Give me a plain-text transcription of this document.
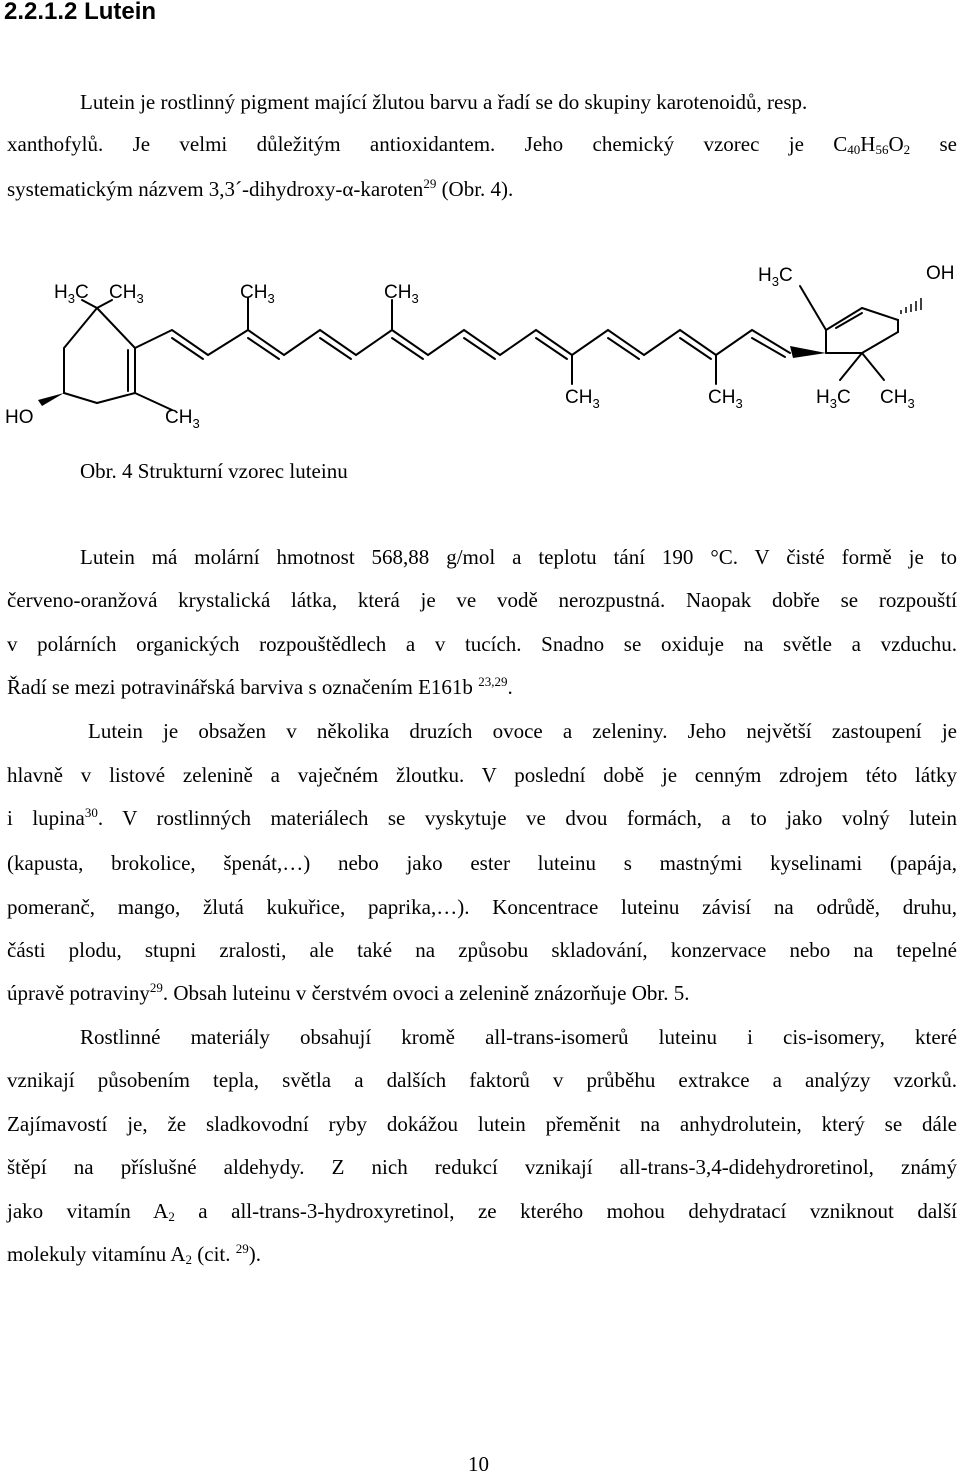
2.2.1.2 Lutein
Lutein je rostlinný pigment mající žlutou barvu a řadí se do skupiny karotenoidů, resp.
xanthofylů. Je velmi důležitým antioxidantem. Jeho chemický vzorec je $C_{40}H_{56}O_2$ se
systematickým názvem 3,3´-dihydroxy-α-karoten$^{29}$ (Obr. 4).
$H_3C$ $CH_3$	$CH_3$	$CH_3$
$H_3C$	OH
HO	$CH_3$
$CH_3$	$CH_3$	$H_3C$ $CH_3$
Obr. 4 Strukturní vzorec luteinu
Lutein má molární hmotnost 568,88 g/mol a teplotu tání 190 °C. V čisté formě je to
červeno-oranžová krystalická látka, která je ve vodě nerozpustná. Naopak dobře se rozpouští
v polárních organických rozpouštědlech a v tucích. Snadno se oxiduje na světle a vzduchu.
Řadí se mezi potravinářská barviva s označením E161b $^{23,29}$.
Lutein je obsažen v několika druzích ovoce a zeleniny. Jeho největší zastoupení je
hlavně v listové zelenině a vaječném žloutku. V poslední době je cenným zdrojem této látky
i lupina$^{30}$. V rostlinných materiálech se vyskytuje ve dvou formách, a to jako volný lutein
(kapusta, brokolice, špenát,…) nebo jako ester luteinu s mastnými kyselinami (papája,
pomeranč, mango, žlutá kukuřice, paprika,…). Koncentrace luteinu závisí na odrůdě, druhu,
části plodu, stupni zralosti, ale také na způsobu skladování, konzervace nebo na tepelné
úpravě potraviny$^{29}$. Obsah luteinu v čerstvém ovoci a zelenině znázorňuje Obr. 5.
Rostlinné materiály obsahují kromě all-trans-isomerů luteinu i cis-isomery, které
vznikají působením tepla, světla a dalších faktorů v průběhu extrakce a analýzy vzorků.
Zajímavostí je, že sladkovodní ryby dokážou lutein přeměnit na anhydrolutein, který se dále
štěpí na příslušné aldehydy. Z nich redukcí vznikají all-trans-3,4-didehydroretinol, známý
jako vitamín $A_2$ a all-trans-3-hydroxyretinol, ze kterého mohou dehydratací vzniknout další
molekuly vitamínu $A_2$ (cit. $^{29}$).
10
